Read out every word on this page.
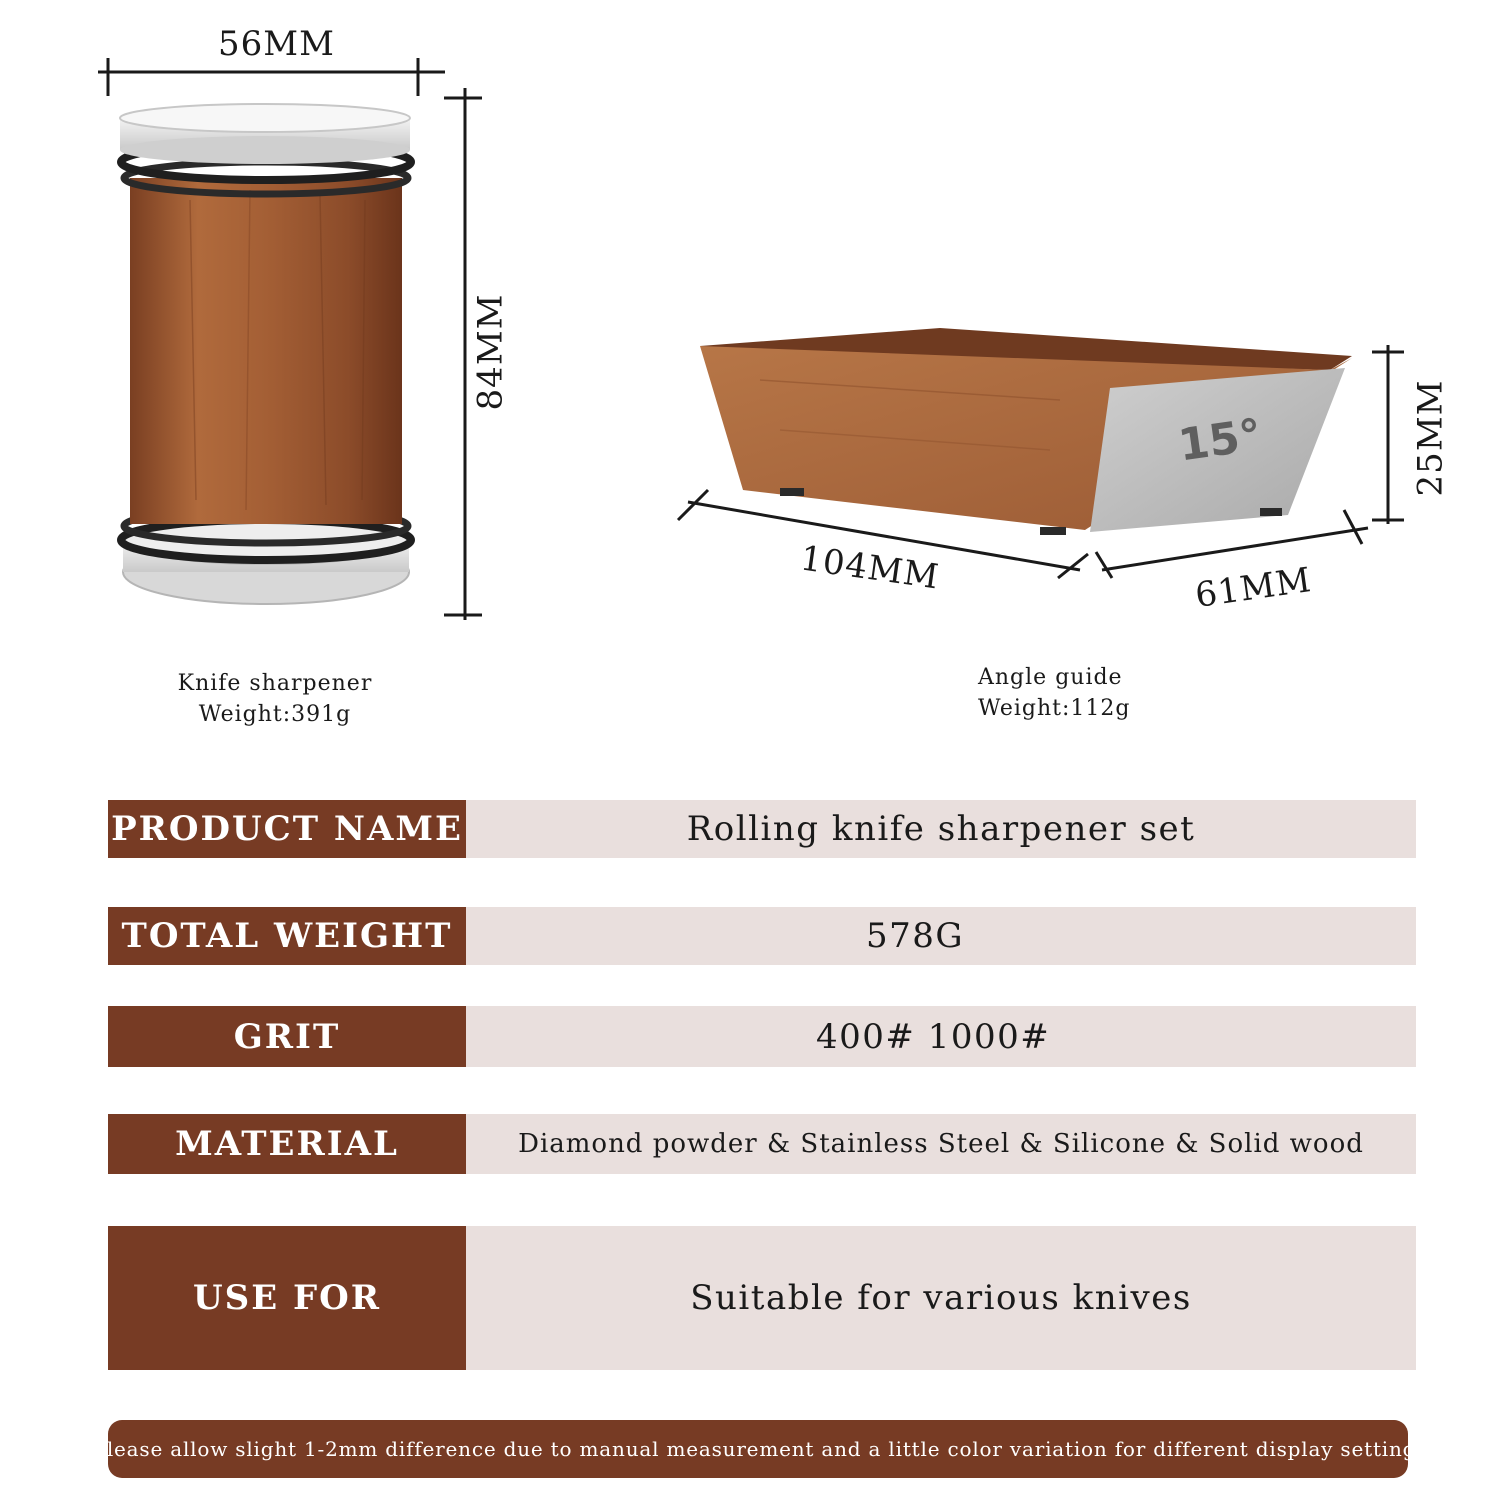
15°
56MM
84MM
104MM	61MM
25MM
Knife sharpener
Weight:391g
Angle guide
Weight:112g
PRODUCT NAME	Rolling knife sharpener set
TOTAL WEIGHT	578G
GRIT	400# 1000#
MATERIAL	Diamond powder & Stainless Steel & Silicone & Solid wood
USE FOR	Suitable for various knives
Please allow slight 1-2mm difference due to manual measurement and a little color variation for different display setting.
